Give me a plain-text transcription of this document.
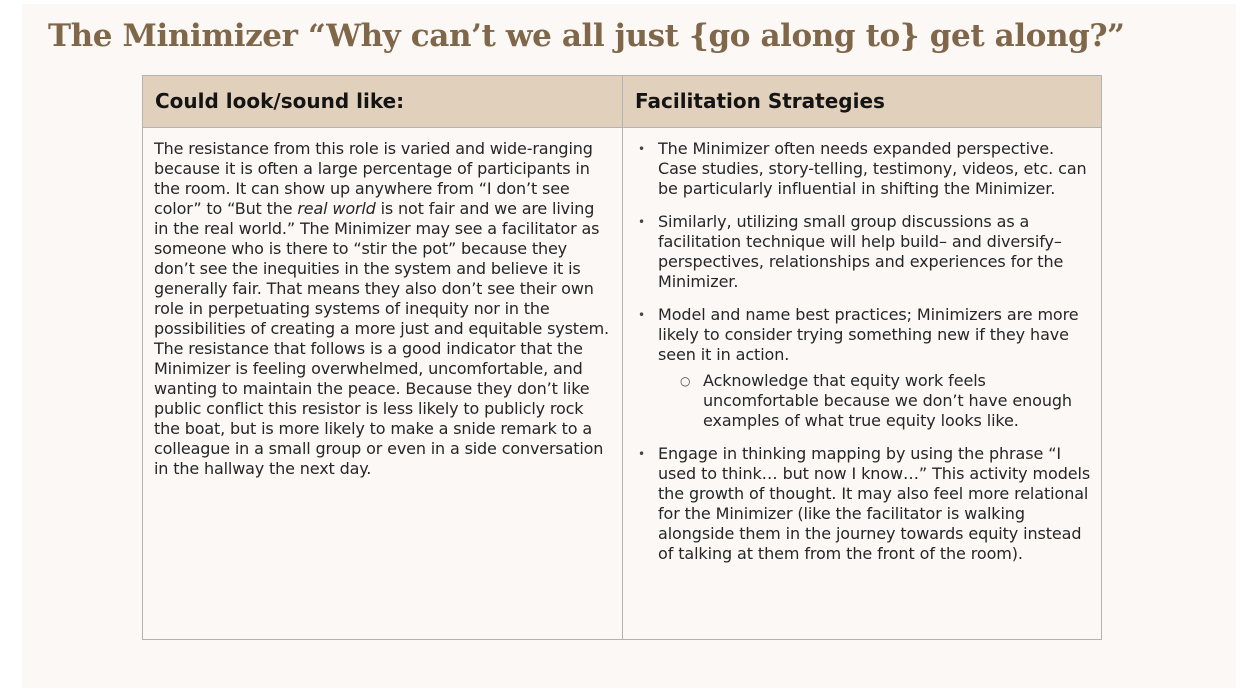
The Minimizer “Why can’t we all just {go along to} get along?”
Could look/sound like:	Facilitation Strategies

The resistance from this role is varied and wide-ranging because it is often a large percentage of participants in the room. It can show up anywhere from “I don’t see color” to “But the real world is not fair and we are living in the real world.” The Minimizer may see a facilitator as someone who is there to “stir the pot” because they don’t see the inequities in the system and believe it is generally fair. That means they also don’t see their own role in perpetuating systems of inequity nor in the possibilities of creating a more just and equitable system. The resistance that follows is a good indicator that the Minimizer is feeling overwhelmed, uncomfortable, and wanting to maintain the peace. Because they don’t like public conflict this resistor is less likely to publicly rock the boat, but is more likely to make a snide remark to a colleague in a small group or even in a side conversation in the hallway the next day.

• The Minimizer often needs expanded perspective. Case studies, story-telling, testimony, videos, etc. can be particularly influential in shifting the Minimizer.
• Similarly, utilizing small group discussions as a facilitation technique will help build– and diversify– perspectives, relationships and experiences for the Minimizer.
• Model and name best practices; Minimizers are more likely to consider trying something new if they have seen it in action.
○ Acknowledge that equity work feels uncomfortable because we don’t have enough examples of what true equity looks like.
• Engage in thinking mapping by using the phrase “I used to think… but now I know…” This activity models the growth of thought. It may also feel more relational for the Minimizer (like the facilitator is walking alongside them in the journey towards equity instead of talking at them from the front of the room).
